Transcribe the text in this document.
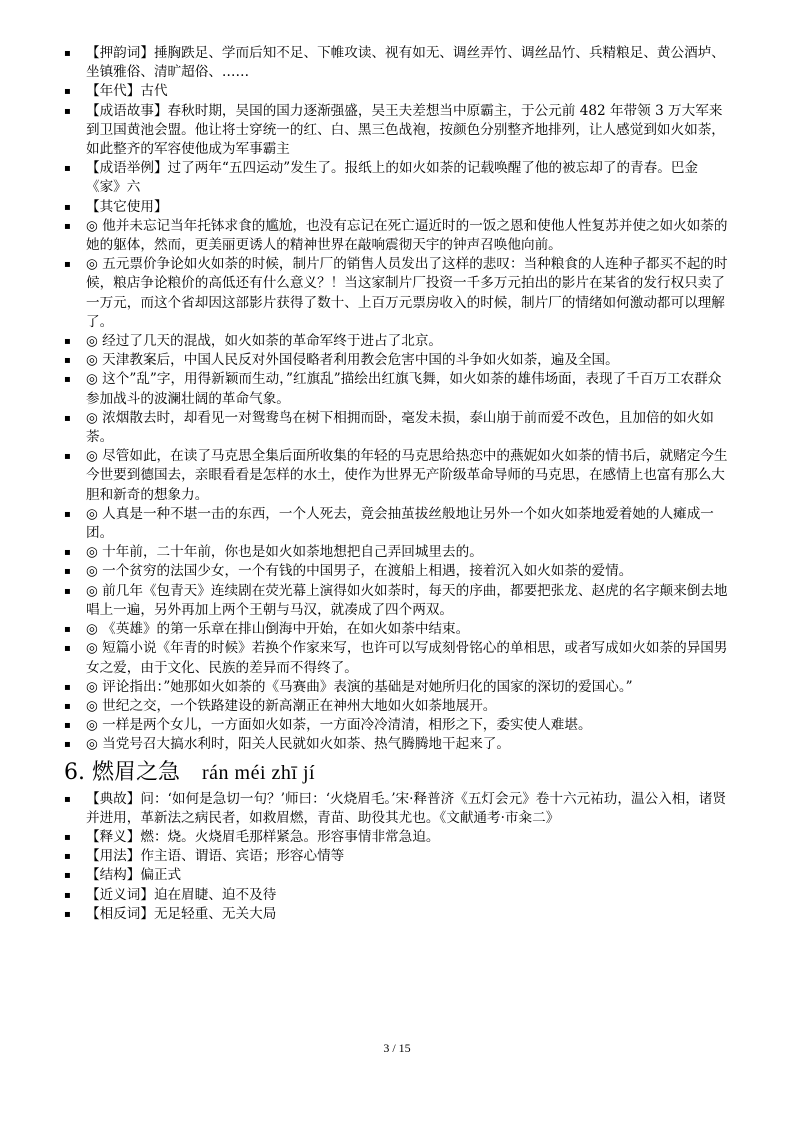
▪	【押韵词】捶胸跌足、学而后知不足、下帷攻读、视有如无、调丝弄竹、调丝品竹、兵精粮足、黄公酒垆、坐镇雅俗、清旷超俗、……

▪	【年代】古代

▪	【成语故事】春秋时期，吴国的国力逐渐强盛，吴王夫差想当中原霸主，于公元前 482 年带领 3 万大军来到卫国黄池会盟。他让将士穿统一的红、白、黑三色战袍，按颜色分别整齐地排列，让人感觉到如火如荼，如此整齐的军容使他成为军事霸主

▪	【成语举例】过了两年“五四运动”发生了。报纸上的如火如荼的记载唤醒了他的被忘却了的青春。巴金《家》六

▪	【其它使用】

▪	◎ 他并未忘记当年托钵求食的尴尬，也没有忘记在死亡逼近时的一饭之恩和使他人性复苏并使之如火如荼的她的躯体，然而，更美丽更诱人的精神世界在敲响震彻天宇的钟声召唤他向前。

▪	◎ 五元票价争论如火如荼的时候，制片厂的销售人员发出了这样的悲叹：当种粮食的人连种子都买不起的时候，粮店争论粮价的高低还有什么意义？！当这家制片厂投资一千多万元拍出的影片在某省的发行权只卖了一万元，而这个省却因这部影片获得了数十、上百万元票房收入的时候，制片厂的情绪如何激动都可以理解了。

▪	◎ 经过了几天的混战，如火如荼的革命军终于进占了北京。

▪	◎ 天津教案后，中国人民反对外国侵略者利用教会危害中国的斗争如火如荼，遍及全国。

▪	◎ 这个”乱”字，用得新颖而生动，”红旗乱”描绘出红旗飞舞，如火如荼的雄伟场面，表现了千百万工农群众参加战斗的波澜壮阔的革命气象。

▪	◎ 浓烟散去时，却看见一对鸳鸯鸟在树下相拥而卧，毫发未损，泰山崩于前而爱不改色，且加倍的如火如荼。

▪	◎ 尽管如此，在读了马克思全集后面所收集的年轻的马克思给热恋中的燕妮如火如荼的情书后，就赌定今生今世要到德国去，亲眼看看是怎样的水土，使作为世界无产阶级革命导师的马克思，在感情上也富有那么大胆和新奇的想象力。

▪	◎ 人真是一种不堪一击的东西，一个人死去，竟会抽茧拔丝般地让另外一个如火如荼地爱着她的人瘫成一团。

▪	◎ 十年前，二十年前，你也是如火如荼地想把自己弄回城里去的。

▪	◎ 一个贫穷的法国少女，一个有钱的中国男子，在渡船上相遇，接着沉入如火如荼的爱情。

▪	◎ 前几年《包青天》连续剧在荧光幕上演得如火如荼时，每天的序曲，都要把张龙、赵虎的名字颠来倒去地唱上一遍，另外再加上两个王朝与马汉，就凑成了四个两双。

▪	◎ 《英雄》的第一乐章在排山倒海中开始，在如火如荼中结束。

▪	◎ 短篇小说《年青的时候》若换个作家来写，也许可以写成刻骨铭心的单相思，或者写成如火如荼的异国男女之爱，由于文化、民族的差异而不得终了。

▪	◎ 评论指出：”她那如火如荼的《马赛曲》表演的基础是对她所归化的国家的深切的爱国心。”

▪	◎ 世纪之交，一个铁路建设的新高潮正在神州大地如火如荼地展开。

▪	◎ 一样是两个女儿，一方面如火如荼，一方面冷冷清清，相形之下，委实使人难堪。

▪	◎ 当党号召大搞水利时，阳关人民就如火如荼、热气腾腾地干起来了。

6. 燃眉之急 rán méi zhī jí

▪	【典故】问：‘如何是急切一句？’师曰：‘火烧眉毛。’宋·释普济《五灯会元》卷十六元祐玏，温公入相，诸贤并进用，革新法之病民者，如救眉燃，青苗、助役其尤也。《文献通考·市籴二》

▪	【释义】燃：烧。火烧眉毛那样紧急。形容事情非常急迫。

▪	【用法】作主语、谓语、宾语；形容心情等

▪	【结构】偏正式

▪	【近义词】迫在眉睫、迫不及待

▪	【相反词】无足轻重、无关大局

3 / 15
